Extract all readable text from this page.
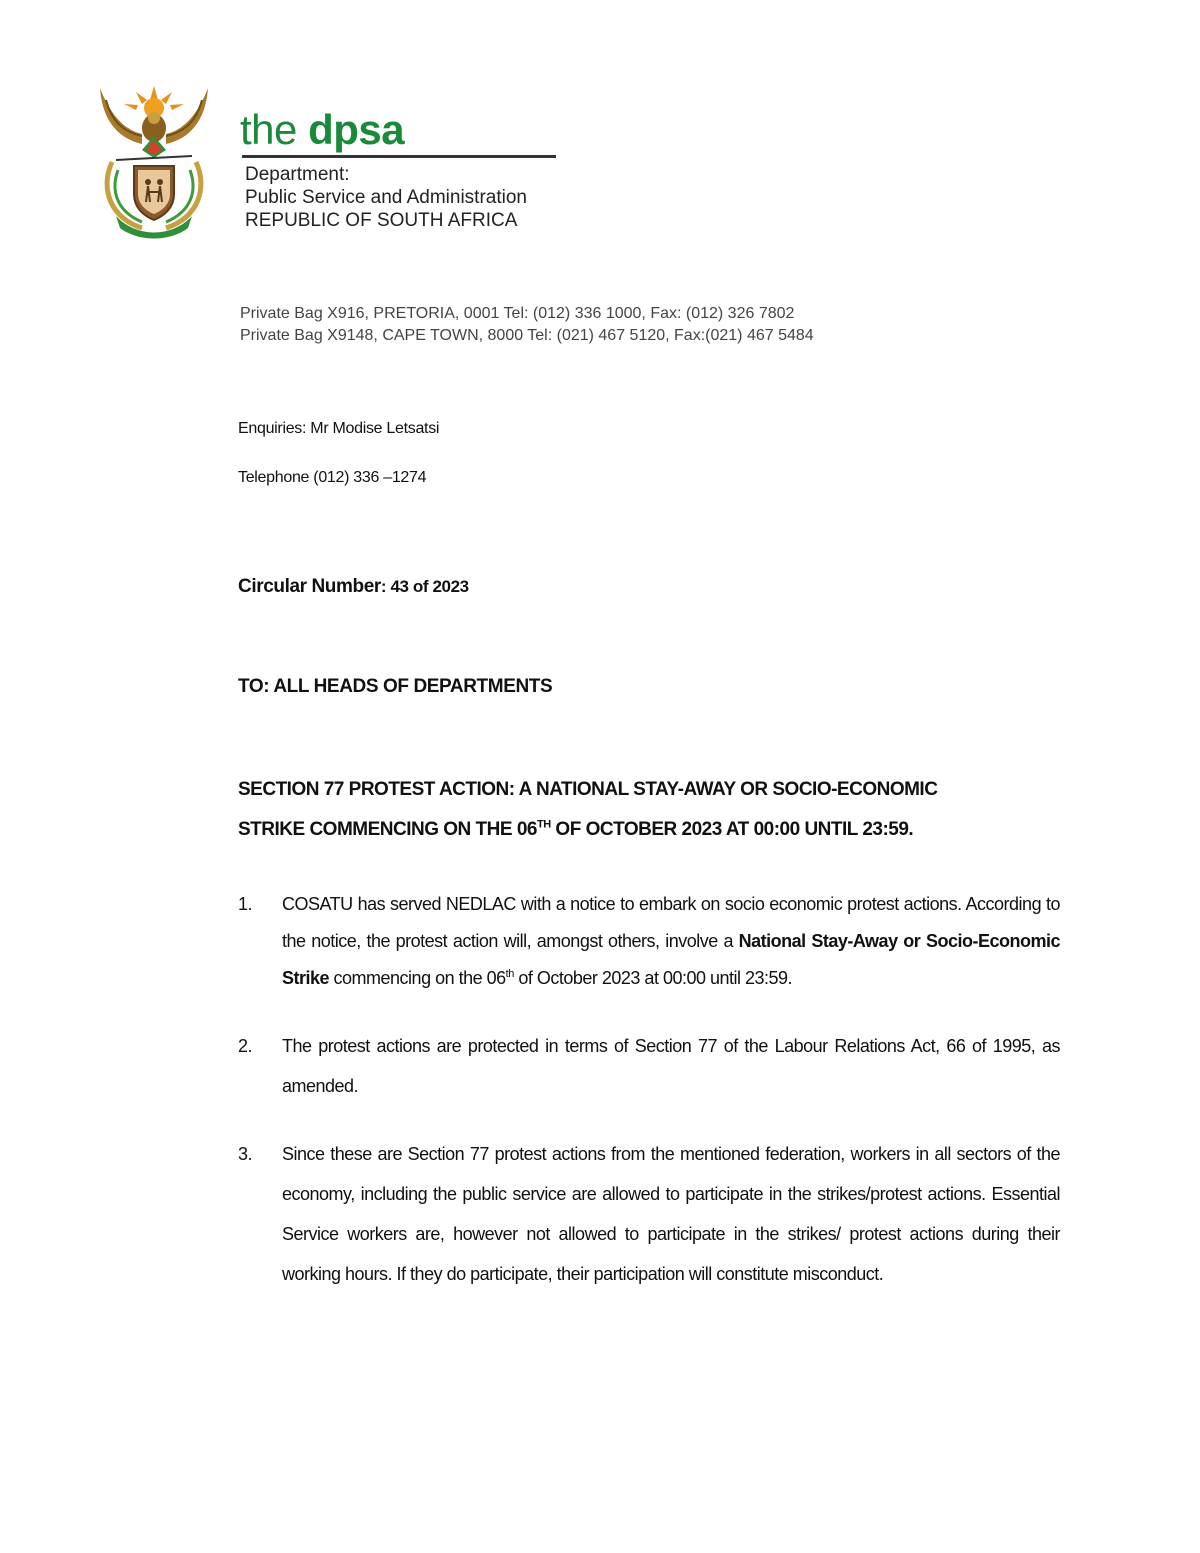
the dpsa
Department:
Public Service and Administration
REPUBLIC OF SOUTH AFRICA
Private Bag X916, PRETORIA, 0001 Tel: (012) 336 1000, Fax: (012) 326 7802
Private Bag X9148, CAPE TOWN, 8000 Tel: (021) 467 5120, Fax:(021) 467 5484
Enquiries: Mr Modise Letsatsi
Telephone (012) 336 –1274
Circular Number: 43 of 2023
TO: ALL HEADS OF DEPARTMENTS
SECTION 77 PROTEST ACTION: A NATIONAL STAY-AWAY OR SOCIO-ECONOMIC
STRIKE COMMENCING ON THE 06TH OF OCTOBER 2023 AT 00:00 UNTIL 23:59.
1. COSATU has served NEDLAC with a notice to embark on socio economic protest actions. According to the notice, the protest action will, amongst others, involve a National Stay-Away or Socio-Economic Strike commencing on the 06th of October 2023 at 00:00 until 23:59.
2. The protest actions are protected in terms of Section 77 of the Labour Relations Act, 66 of 1995, as amended.
3. Since these are Section 77 protest actions from the mentioned federation, workers in all sectors of the economy, including the public service are allowed to participate in the strikes/protest actions. Essential Service workers are, however not allowed to participate in the strikes/ protest actions during their working hours. If they do participate, their participation will constitute misconduct.
